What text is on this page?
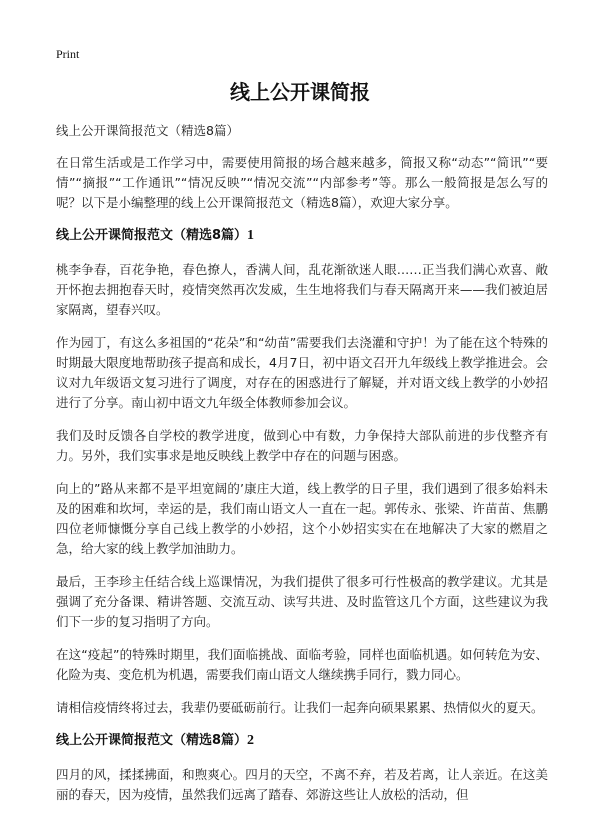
Print
线上公开课简报
线上公开课简报范文（精选8篇）

在日常生活或是工作学习中，需要使用简报的场合越来越多，简报又称“动态”“简讯”“要情”“摘报”“工作通讯”“情况反映”“情况交流”“内部参考”等。那么一般简报是怎么写的呢？以下是小编整理的线上公开课简报范文（精选8篇），欢迎大家分享。

线上公开课简报范文（精选8篇）1

桃李争春，百花争艳，春色撩人，香满人间，乱花渐欲迷人眼……正当我们满心欢喜、敞开怀抱去拥抱春天时，疫情突然再次发威，生生地将我们与春天隔离开来——我们被迫居家隔离，望春兴叹。

作为园丁，有这么多祖国的“花朵”和“幼苗”需要我们去浇灌和守护！为了能在这个特殊的时期最大限度地帮助孩子提高和成长，4月7日，初中语文召开九年级线上教学推进会。会议对九年级语文复习进行了调度，对存在的困惑进行了解疑，并对语文线上教学的小妙招进行了分享。南山初中语文九年级全体教师参加会议。

我们及时反馈各自学校的教学进度，做到心中有数，力争保持大部队前进的步伐整齐有力。另外，我们实事求是地反映线上教学中存在的问题与困惑。

向上的”路从来都不是平坦宽阔的’康庄大道，线上教学的日子里，我们遇到了很多始料未及的困难和坎坷，幸运的是，我们南山语文人一直在一起。郭传永、张梁、许苗苗、焦鹏四位老师慷慨分享自己线上教学的小妙招，这个小妙招实实在在地解决了大家的燃眉之急，给大家的线上教学加油助力。

最后，王李珍主任结合线上巡课情况，为我们提供了很多可行性极高的教学建议。尤其是强调了充分备课、精讲答题、交流互动、读写共进、及时监管这几个方面，这些建议为我们下一步的复习指明了方向。

在这“疫起”的特殊时期里，我们面临挑战、面临考验，同样也面临机遇。如何转危为安、化险为夷、变危机为机遇，需要我们南山语文人继续携手同行，戮力同心。

请相信疫情终将过去，我辈仍要砥砺前行。让我们一起奔向硕果累累、热情似火的夏天。

线上公开课简报范文（精选8篇）2

四月的风，揉揉拂面，和煦爽心。四月的天空，不离不弃，若及若离，让人亲近。在这美丽的春天，因为疫情，虽然我们远离了踏春、郊游这些让人放松的活动，但
